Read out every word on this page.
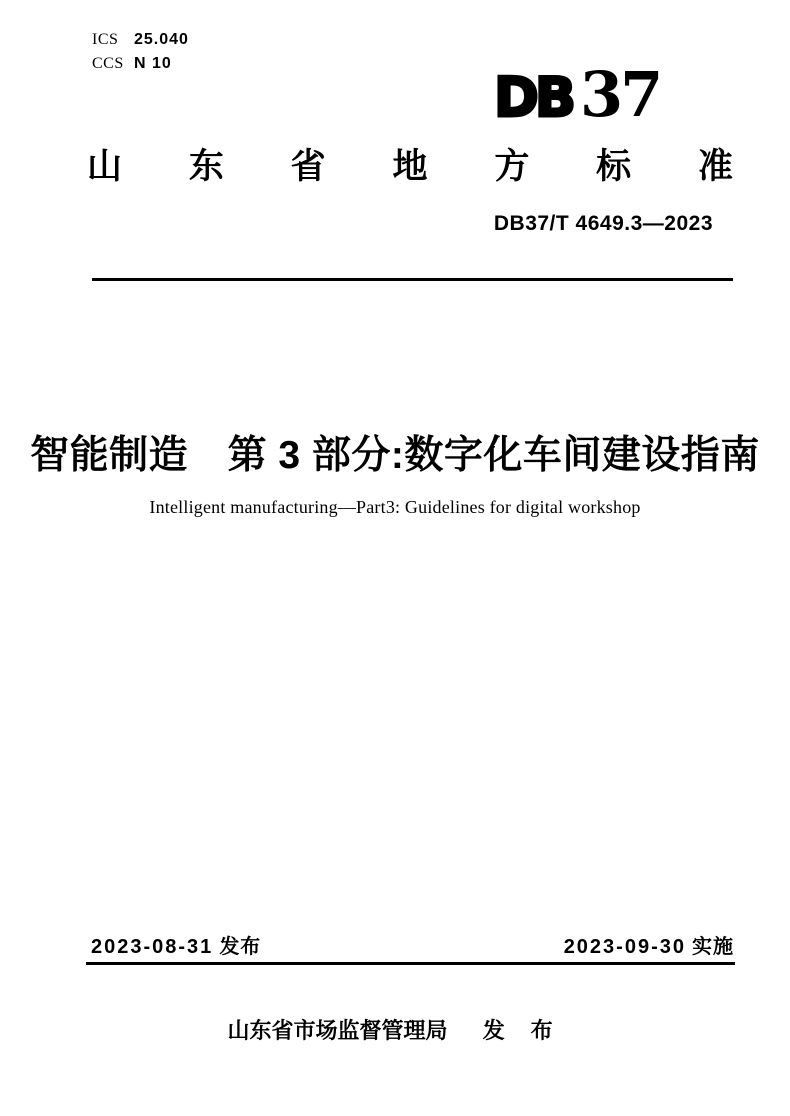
ICS 25.040
CCS N 10
DB 37
山 东 省 地 方 标 准
DB37/T 4649.3—2023
智能制造　第 3 部分:数字化车间建设指南
Intelligent manufacturing—Part3: Guidelines for digital workshop
2023-08-31 发布	2023-09-30 实施
山东省市场监督管理局 发 布
